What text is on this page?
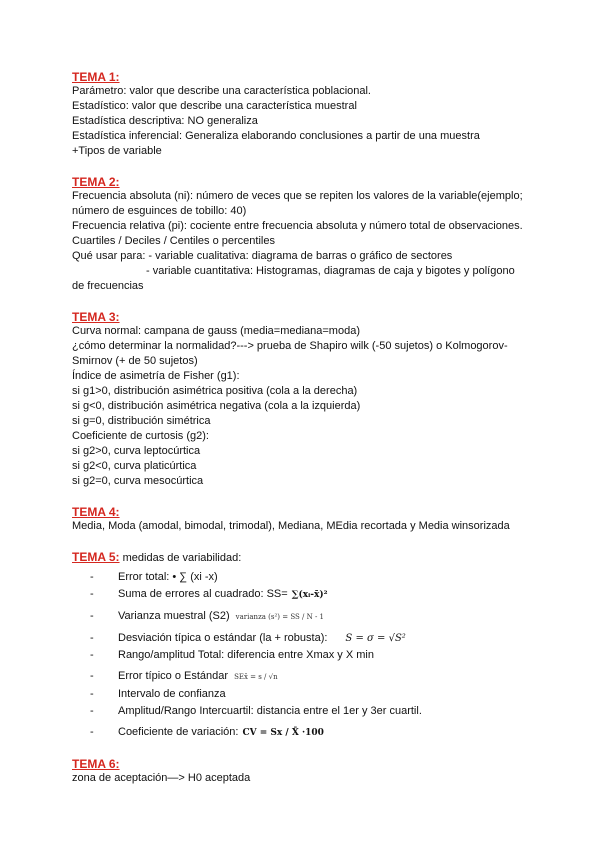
TEMA 1:

Parámetro: valor que describe una característica poblacional.

Estadístico: valor que describe una característica muestral

Estadística descriptiva: NO generaliza

Estadística inferencial: Generaliza elaborando conclusiones a partir de una muestra

+Tipos de variable

TEMA 2:

Frecuencia absoluta (ni): número de veces que se repiten los valores de la variable(ejemplo; número de esguinces de tobillo: 40)

Frecuencia relativa (pi): cociente entre frecuencia absoluta y número total de observaciones.

Cuartiles / Deciles / Centiles o percentiles

Qué usar para: - variable cualitativa: diagrama de barras o gráfico de sectores

- variable cuantitativa: Histogramas, diagramas de caja y bigotes y polígono

de frecuencias

TEMA 3:

Curva normal: campana de gauss (media=mediana=moda)

¿cómo determinar la normalidad?---> prueba de Shapiro wilk (-50 sujetos) o Kolmogorov-Smirnov (+ de 50 sujetos)

Índice de asimetría de Fisher (g1):

si g1>0, distribución asimétrica positiva (cola a la derecha)

si g<0, distribución asimétrica negativa (cola a la izquierda)

si g=0, distribución simétrica

Coeficiente de curtosis (g2):

si g2>0, curva leptocúrtica

si g2<0, curva platicúrtica

si g2=0, curva mesocúrtica

TEMA 4:

Media, Moda (amodal, bimodal, trimodal), Mediana, MEdia recortada y Media winsorizada

TEMA 5: medidas de variabilidad:

- Error total: • ∑ (xi -x)
- Suma de errores al cuadrado: SS= ∑(xᵢ-x̄)²
- Varianza muestral (S2) varianza (s²) = SS / N - 1
- Desviación típica o estándar (la + robusta): S = σ = √S²
- Rango/amplitud Total: diferencia entre Xmax y X min
- Error típico o Estándar SEx̄ = s / √n
- Intervalo de confianza
- Amplitud/Rango Intercuartil: distancia entre el 1er y 3er cuartil.
- Coeficiente de variación: CV = Sx / X̄ ·100

TEMA 6:

zona de aceptación—> H0 aceptada
